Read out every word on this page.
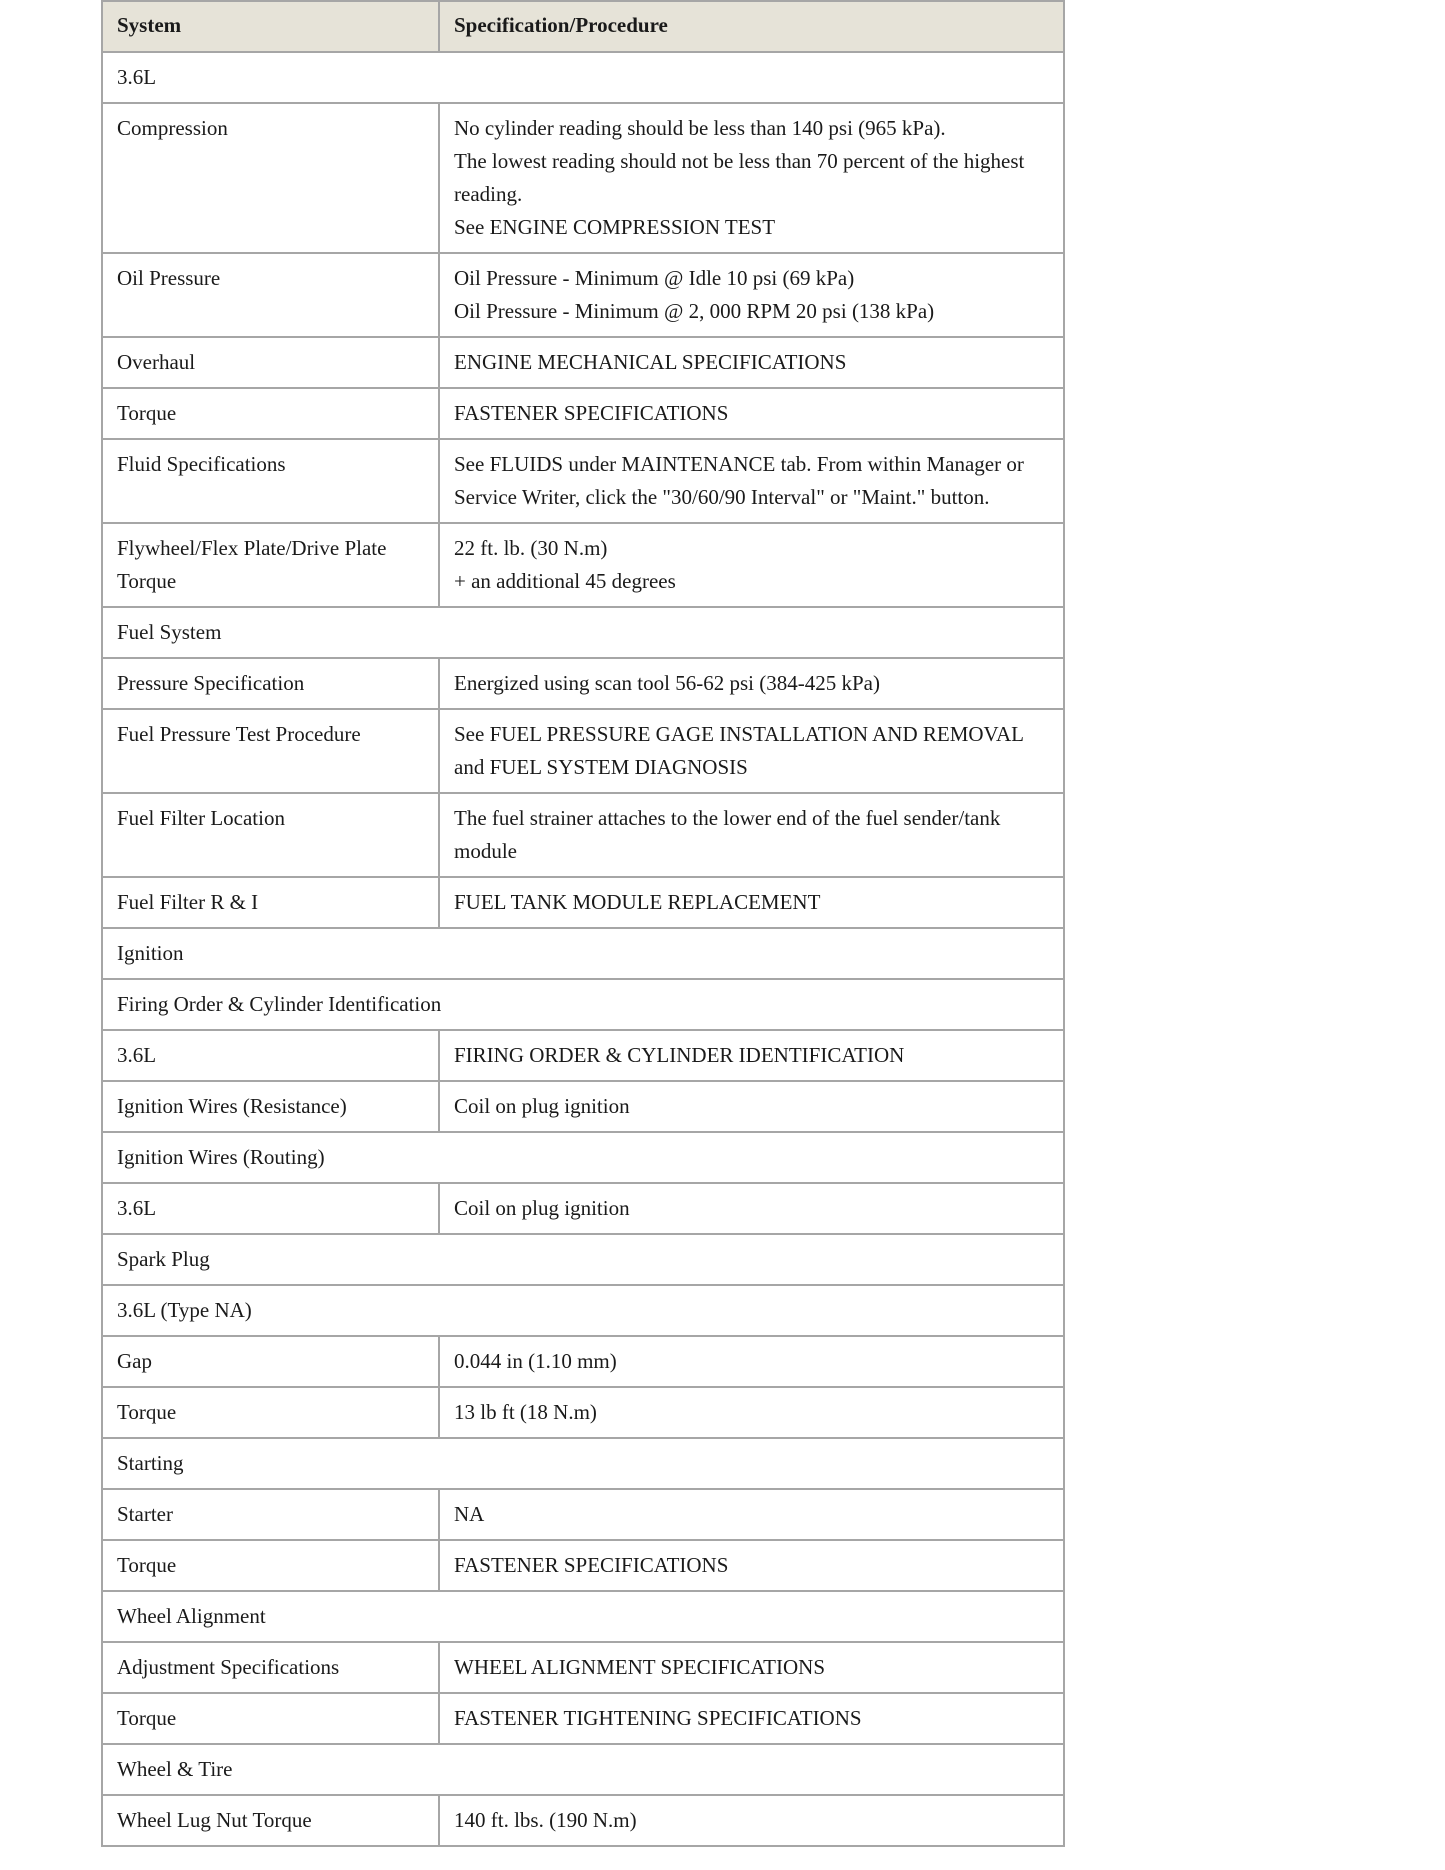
System	Specification/Procedure
3.6L	
Compression	No cylinder reading should be less than 140 psi (965 kPa).
The lowest reading should not be less than 70 percent of the highest reading.
See ENGINE COMPRESSION TEST

Oil Pressure	Oil Pressure - Minimum @ Idle 10 psi (69 kPa)
Oil Pressure - Minimum @ 2, 000 RPM 20 psi (138 kPa)

Overhaul	ENGINE MECHANICAL SPECIFICATIONS
Torque	FASTENER SPECIFICATIONS
Fluid Specifications	See FLUIDS under MAINTENANCE tab. From within Manager or Service Writer, click the "30/60/90 Interval" or "Maint." button.
Flywheel/Flex Plate/Drive Plate Torque	22 ft. lb. (30 N.m)
+ an additional 45 degrees

Fuel System	
Pressure Specification	Energized using scan tool 56-62 psi (384-425 kPa)
Fuel Pressure Test Procedure	See FUEL PRESSURE GAGE INSTALLATION AND REMOVAL and FUEL SYSTEM DIAGNOSIS
Fuel Filter Location	The fuel strainer attaches to the lower end of the fuel sender/tank module
Fuel Filter R & I	FUEL TANK MODULE REPLACEMENT
Ignition	
Firing Order & Cylinder Identification	
3.6L	FIRING ORDER & CYLINDER IDENTIFICATION
Ignition Wires (Resistance)	Coil on plug ignition
Ignition Wires (Routing)	
3.6L	Coil on plug ignition
Spark Plug	
3.6L (Type NA)	
Gap	0.044 in (1.10 mm)
Torque	13 lb ft (18 N.m)
Starting	
Starter	NA
Torque	FASTENER SPECIFICATIONS
Wheel Alignment	
Adjustment Specifications	WHEEL ALIGNMENT SPECIFICATIONS
Torque	FASTENER TIGHTENING SPECIFICATIONS
Wheel & Tire	
Wheel Lug Nut Torque	140 ft. lbs. (190 N.m)
